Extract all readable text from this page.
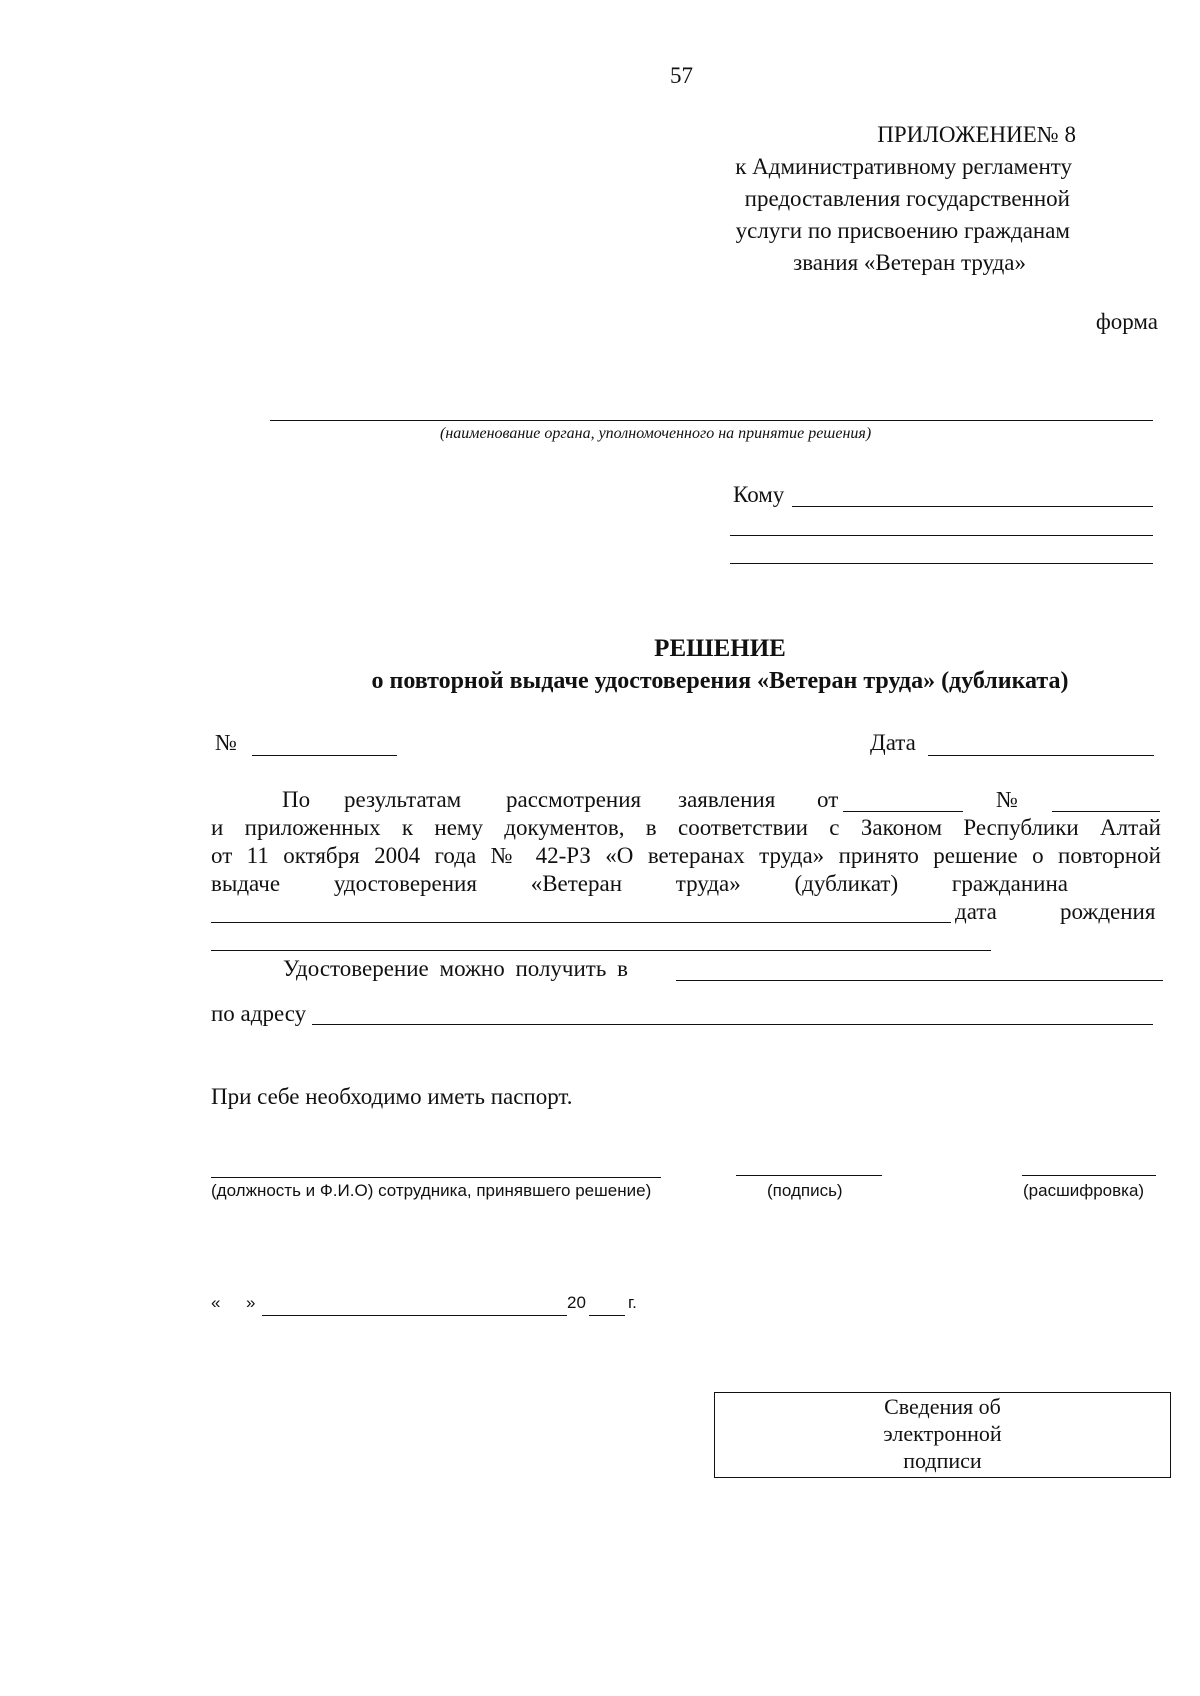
57
ПРИЛОЖЕНИЕ№ 8
к Административному регламенту
предоставления государственной
услуги по присвоению гражданам
звания «Ветеран труда»
форма
(наименование органа, уполномоченного на принятие решения)
Кому
РЕШЕНИЕ
о повторной выдаче удостоверения «Ветеран труда» (дубликата)
№	Дата
По результатам рассмотрения заявления от	№
и приложенных к нему документов, в соответствии с Законом Республики Алтай
от 11 октября 2004 года № 42-РЗ «О ветеранах труда» принято решение о повторной
выдаче удостоверения «Ветеран труда» (дубликат) гражданина
дата	рождения
Удостоверение можно получить в
по адресу
При себе необходимо иметь паспорт.
(должность и Ф.И.О) сотрудника, принявшего решение)	(подпись)	(расшифровка)
« »	20 г.
Сведения об
электронной
подписи
